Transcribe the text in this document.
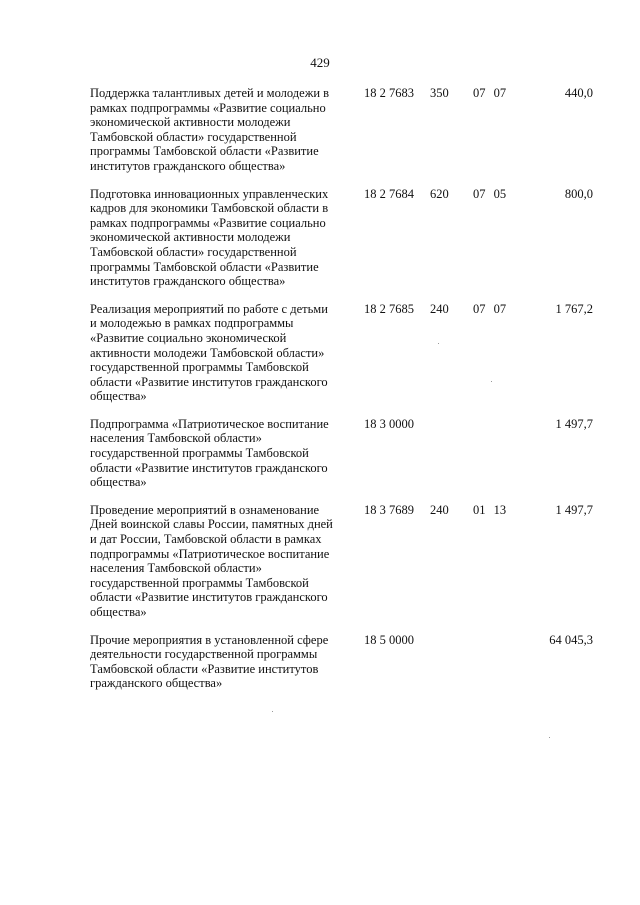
429
Поддержка талантливых детей и молодежи в
рамках подпрограммы «Развитие социально
экономической активности молодежи
Тамбовской области» государственной
программы Тамбовской области «Развитие
институтов гражданского общества»
18 2 7683 350 07 07	440,0
Подготовка инновационных управленческих
кадров для экономики Тамбовской области в
рамках подпрограммы «Развитие социально
экономической активности молодежи
Тамбовской области» государственной
программы Тамбовской области «Развитие
институтов гражданского общества»
18 2 7684 620 07 05	800,0
Реализация мероприятий по работе с детьми
и молодежью в рамках подпрограммы
«Развитие социально экономической
активности молодежи Тамбовской области»
государственной программы Тамбовской
области «Развитие институтов гражданского
общества»
18 2 7685 240 07 07	1 767,2
Подпрограмма «Патриотическое воспитание
населения Тамбовской области»
государственной программы Тамбовской
области «Развитие институтов гражданского
общества»
18 3 0000	1 497,7
Проведение мероприятий в ознаменование
Дней воинской славы России, памятных дней
и дат России, Тамбовской области в рамках
подпрограммы «Патриотическое воспитание
населения Тамбовской области»
государственной программы Тамбовской
области «Развитие институтов гражданского
общества»
18 3 7689 240 01 13	1 497,7
Прочие мероприятия в установленной сфере
деятельности государственной программы
Тамбовской области «Развитие институтов
гражданского общества»
18 5 0000	64 045,3
